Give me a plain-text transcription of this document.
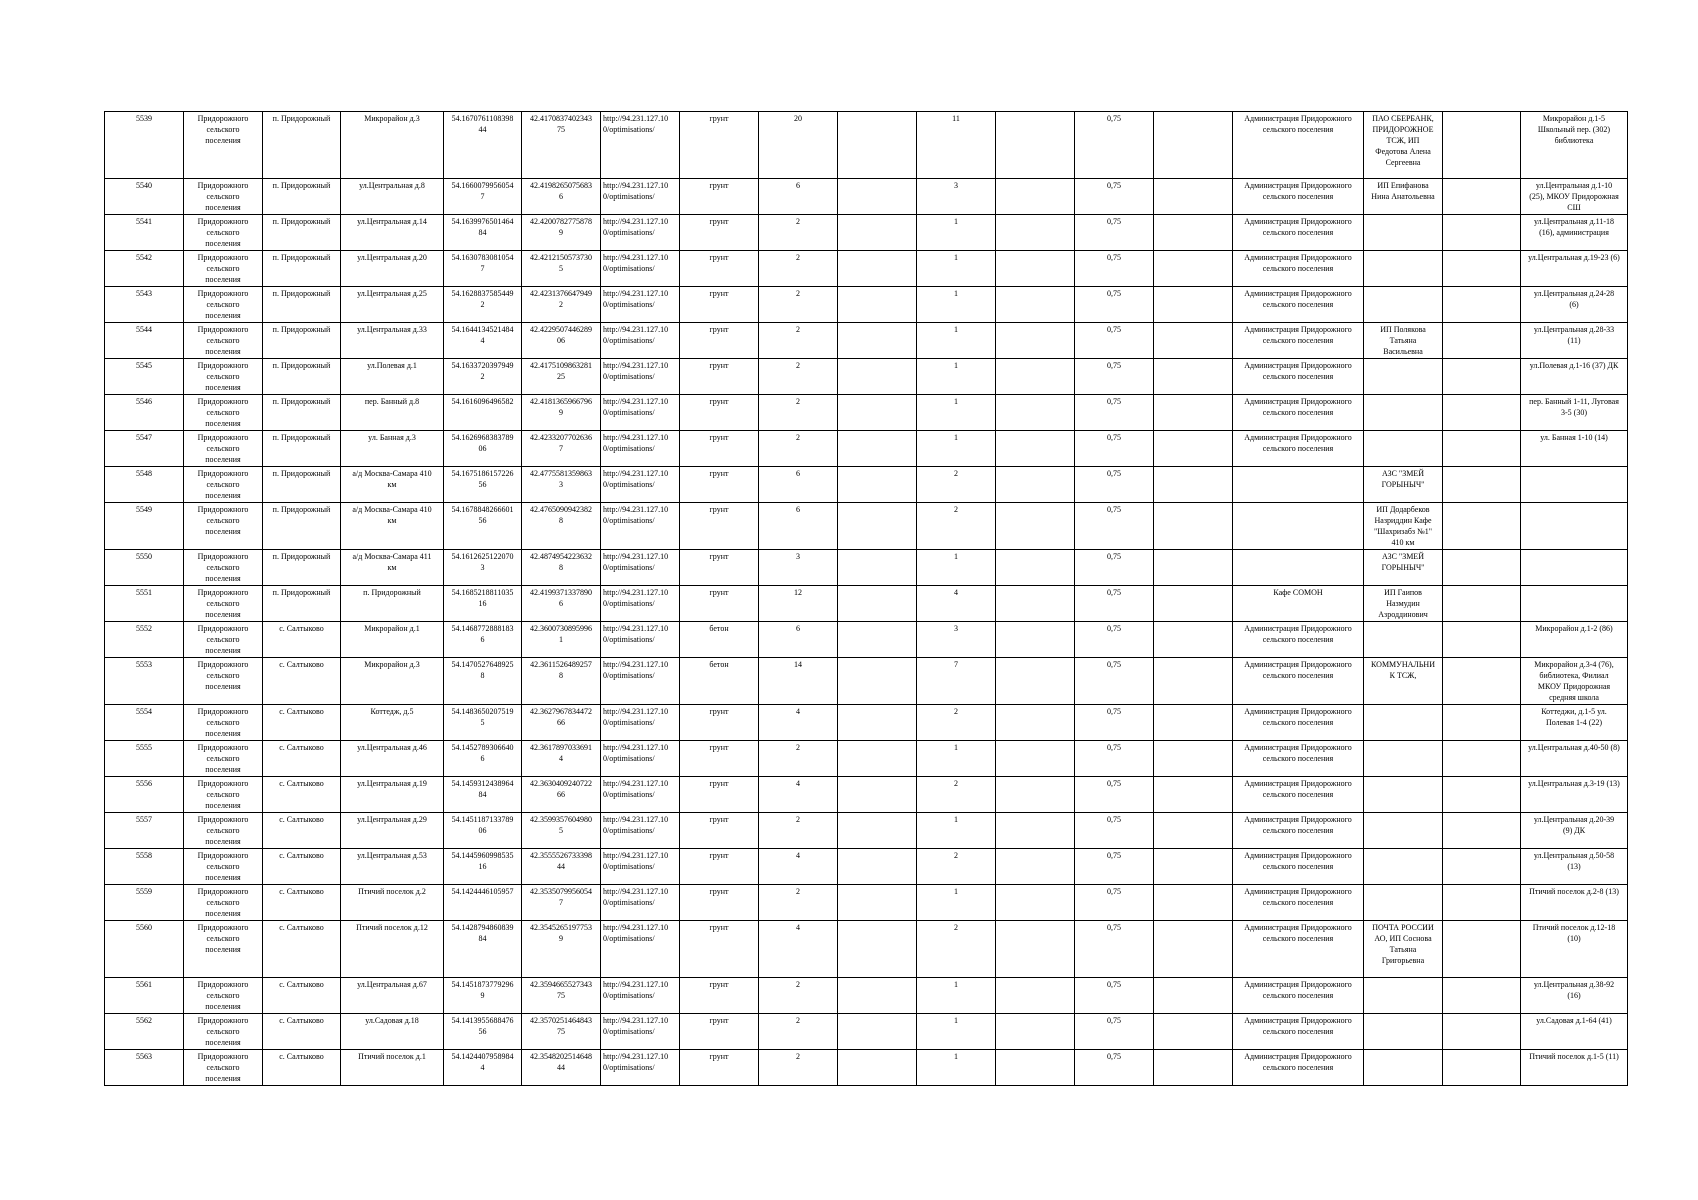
5539	Придорожного
сельского
поселения	п. Придорожный	Микрорайон д.3	54.1670761108398
44	42.4170837402343
75	http://94.231.127.10
0/optimisations/	грунт	20		11		0,75		Администрация Придорожного
сельского поселения	ПАО СБЕРБАНК,
ПРИДОРОЖНОЕ
ТСЖ, ИП
Федотова Алена
Сергеевна		Микрорайон д.1-5
Школьный пер. (302)
библиотека
5540	Придорожного
сельского
поселения	п. Придорожный	ул.Центральная д.8	54.1660079956054
7	42.4198265075683
6	http://94.231.127.10
0/optimisations/	грунт	6		3		0,75		Администрация Придорожного
сельского поселения	ИП Епифанова
Нина Анатольевна		ул.Центральная д.1-10
(25), МКОУ Придорожная
СШ
5541	Придорожного
сельского
поселения	п. Придорожный	ул.Центральная д.14	54.1639976501464
84	42.4200782775878
9	http://94.231.127.10
0/optimisations/	грунт	2		1		0,75		Администрация Придорожного
сельского поселения			ул.Центральная д.11-18
(16), администрация
5542	Придорожного
сельского
поселения	п. Придорожный	ул.Центральная д.20	54.1630783081054
7	42.4212150573730
5	http://94.231.127.10
0/optimisations/	грунт	2		1		0,75		Администрация Придорожного
сельского поселения			ул.Центральная д.19-23 (6)
5543	Придорожного
сельского
поселения	п. Придорожный	ул.Центральная д.25	54.1628837585449
2	42.4231376647949
2	http://94.231.127.10
0/optimisations/	грунт	2		1		0,75		Администрация Придорожного
сельского поселения			ул.Центральная д.24-28
(6)
5544	Придорожного
сельского
поселения	п. Придорожный	ул.Центральная д.33	54.1644134521484
4	42.4229507446289
06	http://94.231.127.10
0/optimisations/	грунт	2		1		0,75		Администрация Придорожного
сельского поселения	ИП Полякова
Татьяна
Васильевна		ул.Центральная д.28-33
(11)
5545	Придорожного
сельского
поселения	п. Придорожный	ул.Полевая д.1	54.1633720397949
2	42.4175109863281
25	http://94.231.127.10
0/optimisations/	грунт	2		1		0,75		Администрация Придорожного
сельского поселения			ул.Полевая д.1-16 (37) ДК
5546	Придорожного
сельского
поселения	п. Придорожный	пер. Банный д.8	54.1616096496582	42.4181365966796
9	http://94.231.127.10
0/optimisations/	грунт	2		1		0,75		Администрация Придорожного
сельского поселения			пер. Банный 1-11, Луговая
3-5 (30)
5547	Придорожного
сельского
поселения	п. Придорожный	ул. Банная д.3	54.1626968383789
06	42.4233207702636
7	http://94.231.127.10
0/optimisations/	грунт	2		1		0,75		Администрация Придорожного
сельского поселения			ул. Банная 1-10 (14)
5548	Придорожного
сельского
поселения	п. Придорожный	а/д Москва-Самара 410
км	54.1675186157226
56	42.4775581359863
3	http://94.231.127.10
0/optimisations/	грунт	6		2		0,75			АЗС "ЗМЕЙ
ГОРЫНЫЧ"		
5549	Придорожного
сельского
поселения	п. Придорожный	а/д Москва-Самара 410
км	54.1678848266601
56	42.4765090942382
8	http://94.231.127.10
0/optimisations/	грунт	6		2		0,75			ИП Додарбеков
Назриддин Кафе
"Шахризабз №1"
410 км		
5550	Придорожного
сельского
поселения	п. Придорожный	а/д Москва-Самара 411
км	54.1612625122070
3	42.4874954223632
8	http://94.231.127.10
0/optimisations/	грунт	3		1		0,75			АЗС "ЗМЕЙ
ГОРЫНЫЧ"		
5551	Придорожного
сельского
поселения	п. Придорожный	п. Придорожный	54.1685218811035
16	42.4199371337890
6	http://94.231.127.10
0/optimisations/	грунт	12		4		0,75		Кафе СОМОН	ИП Гаипов
Назмудин
Азроддинович		
5552	Придорожного
сельского
поселения	с. Салтыково	Микрорайон д.1	54.1468772888183
6	42.3600730895996
1	http://94.231.127.10
0/optimisations/	бетон	6		3		0,75		Администрация Придорожного
сельского поселения			Микрорайон д.1-2 (86)
5553	Придорожного
сельского
поселения	с. Салтыково	Микрорайон д.3	54.1470527648925
8	42.3611526489257
8	http://94.231.127.10
0/optimisations/	бетон	14		7		0,75		Администрация Придорожного
сельского поселения	КОММУНАЛЬНИ
К ТСЖ,		Микрорайон д.3-4 (76),
библиотека, Филиал
МКОУ Придорожная
средняя школа
5554	Придорожного
сельского
поселения	с. Салтыково	Коттедж, д.5	54.1483650207519
5	42.3627967834472
66	http://94.231.127.10
0/optimisations/	грунт	4		2		0,75		Администрация Придорожного
сельского поселения			Коттеджи, д.1-5 ул.
Полевая 1-4 (22)
5555	Придорожного
сельского
поселения	с. Салтыково	ул.Центральная д.46	54.1452789306640
6	42.3617897033691
4	http://94.231.127.10
0/optimisations/	грунт	2		1		0,75		Администрация Придорожного
сельского поселения			ул.Центральная д.40-50 (8)
5556	Придорожного
сельского
поселения	с. Салтыково	ул.Центральная д.19	54.1459312438964
84	42.3630409240722
66	http://94.231.127.10
0/optimisations/	грунт	4		2		0,75		Администрация Придорожного
сельского поселения			ул.Центральная д.3-19 (13)
5557	Придорожного
сельского
поселения	с. Салтыково	ул.Центральная д.29	54.1451187133789
06	42.3599357604980
5	http://94.231.127.10
0/optimisations/	грунт	2		1		0,75		Администрация Придорожного
сельского поселения			ул.Центральная д.20-39
(9) ДК
5558	Придорожного
сельского
поселения	с. Салтыково	ул.Центральная д.53	54.1445960998535
16	42.3555526733398
44	http://94.231.127.10
0/optimisations/	грунт	4		2		0,75		Администрация Придорожного
сельского поселения			ул.Центральная д.50-58
(13)
5559	Придорожного
сельского
поселения	с. Салтыково	Птичий поселок д.2	54.1424446105957	42.3535079956054
7	http://94.231.127.10
0/optimisations/	грунт	2		1		0,75		Администрация Придорожного
сельского поселения			Птичий поселок д.2-8 (13)
5560	Придорожного
сельского
поселения	с. Салтыково	Птичий поселок д.12	54.1428794860839
84	42.3545265197753
9	http://94.231.127.10
0/optimisations/	грунт	4		2		0,75		Администрация Придорожного
сельского поселения	ПОЧТА РОССИИ
АО, ИП Соснова
Татьяна
Григорьевна		Птичий поселок д.12-18
(10)
5561	Придорожного
сельского
поселения	с. Салтыково	ул.Центральная д.67	54.1451873779296
9	42.3594665527343
75	http://94.231.127.10
0/optimisations/	грунт	2		1		0,75		Администрация Придорожного
сельского поселения			ул.Центральная д.38-92
(16)
5562	Придорожного
сельского
поселения	с. Салтыково	ул.Садовая д.18	54.1413955688476
56	42.3570251464843
75	http://94.231.127.10
0/optimisations/	грунт	2		1		0,75		Администрация Придорожного
сельского поселения			ул.Садовая д.1-64 (41)
5563	Придорожного
сельского
поселения	с. Салтыково	Птичий поселок д.1	54.1424407958984
4	42.3548202514648
44	http://94.231.127.10
0/optimisations/	грунт	2		1		0,75		Администрация Придорожного
сельского поселения			Птичий поселок д.1-5 (11)
